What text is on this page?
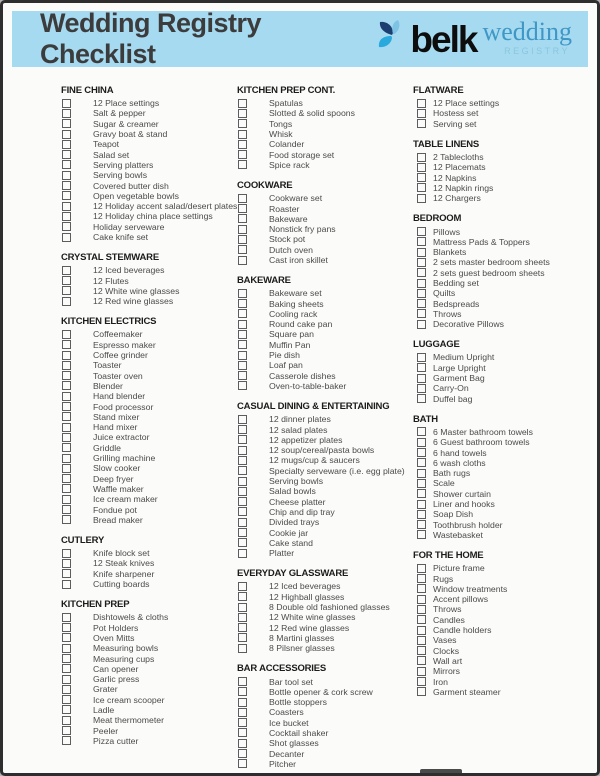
Wedding Registry Checklist	belk wedding
REGISTRY
FINE CHINA
12 Place settings
Salt & pepper
Sugar & creamer
Gravy boat & stand
Teapot
Salad set
Serving platters
Serving bowls
Covered butter dish
Open vegetable bowls
12 Holiday accent salad/desert plates
12 Holiday china place settings
Holiday serveware
Cake knife set
CRYSTAL STEMWARE
12 Iced beverages
12 Flutes
12 White wine glasses
12 Red wine glasses
KITCHEN ELECTRICS
Coffeemaker
Espresso maker
Coffee grinder
Toaster
Toaster oven
Blender
Hand blender
Food processor
Stand mixer
Hand mixer
Juice extractor
Griddle
Grilling machine
Slow cooker
Deep fryer
Waffle maker
Ice cream maker
Fondue pot
Bread maker
CUTLERY
Knife block set
12 Steak knives
Knife sharpener
Cutting boards
KITCHEN PREP
Dishtowels & cloths
Pot Holders
Oven Mitts
Measuring bowls
Measuring cups
Can opener
Garlic press
Grater
Ice cream scooper
Ladle
Meat thermometer
Peeler
Pizza cutter
KITCHEN PREP CONT.
Spatulas
Slotted & solid spoons
Tongs
Whisk
Colander
Food storage set
Spice rack
COOKWARE
Cookware set
Roaster
Bakeware
Nonstick fry pans
Stock pot
Dutch oven
Cast iron skillet
BAKEWARE
Bakeware set
Baking sheets
Cooling rack
Round cake pan
Square pan
Muffin Pan
Pie dish
Loaf pan
Casserole dishes
Oven-to-table-baker
CASUAL DINING & ENTERTAINING
12 dinner plates
12 salad plates
12 appetizer plates
12 soup/cereal/pasta bowls
12 mugs/cup & saucers
Specialty serveware (i.e. egg plate)
Serving bowls
Salad bowls
Cheese platter
Chip and dip tray
Divided trays
Cookie jar
Cake stand
Platter
EVERYDAY GLASSWARE
12 Iced beverages
12 Highball glasses
8 Double old fashioned glasses
12 White wine glasses
12 Red wine glasses
8 Martini glasses
8 Pilsner glasses
BAR ACCESSORIES
Bar tool set
Bottle opener & cork screw
Bottle stoppers
Coasters
Ice bucket
Cocktail shaker
Shot glasses
Decanter
Pitcher
FLATWARE
12 Place settings
Hostess set
Serving set
TABLE LINENS
2 Tablecloths
12 Placemats
12 Napkins
12 Napkin rings
12 Chargers
BEDROOM
Pillows
Mattress Pads & Toppers
Blankets
2 sets master bedroom sheets
2 sets guest bedroom sheets
Bedding set
Quilts
Bedspreads
Throws
Decorative Pillows
LUGGAGE
Medium Upright
Large Upright
Garment Bag
Carry-On
Duffel bag
BATH
6 Master bathroom towels
6 Guest bathroom towels
6 hand towels
6 wash cloths
Bath rugs
Scale
Shower curtain
Liner and hooks
Soap Dish
Toothbrush holder
Wastebasket
FOR THE HOME
Picture frame
Rugs
Window treatments
Accent pillows
Throws
Candles
Candle holders
Vases
Clocks
Wall art
Mirrors
Iron
Garment steamer
